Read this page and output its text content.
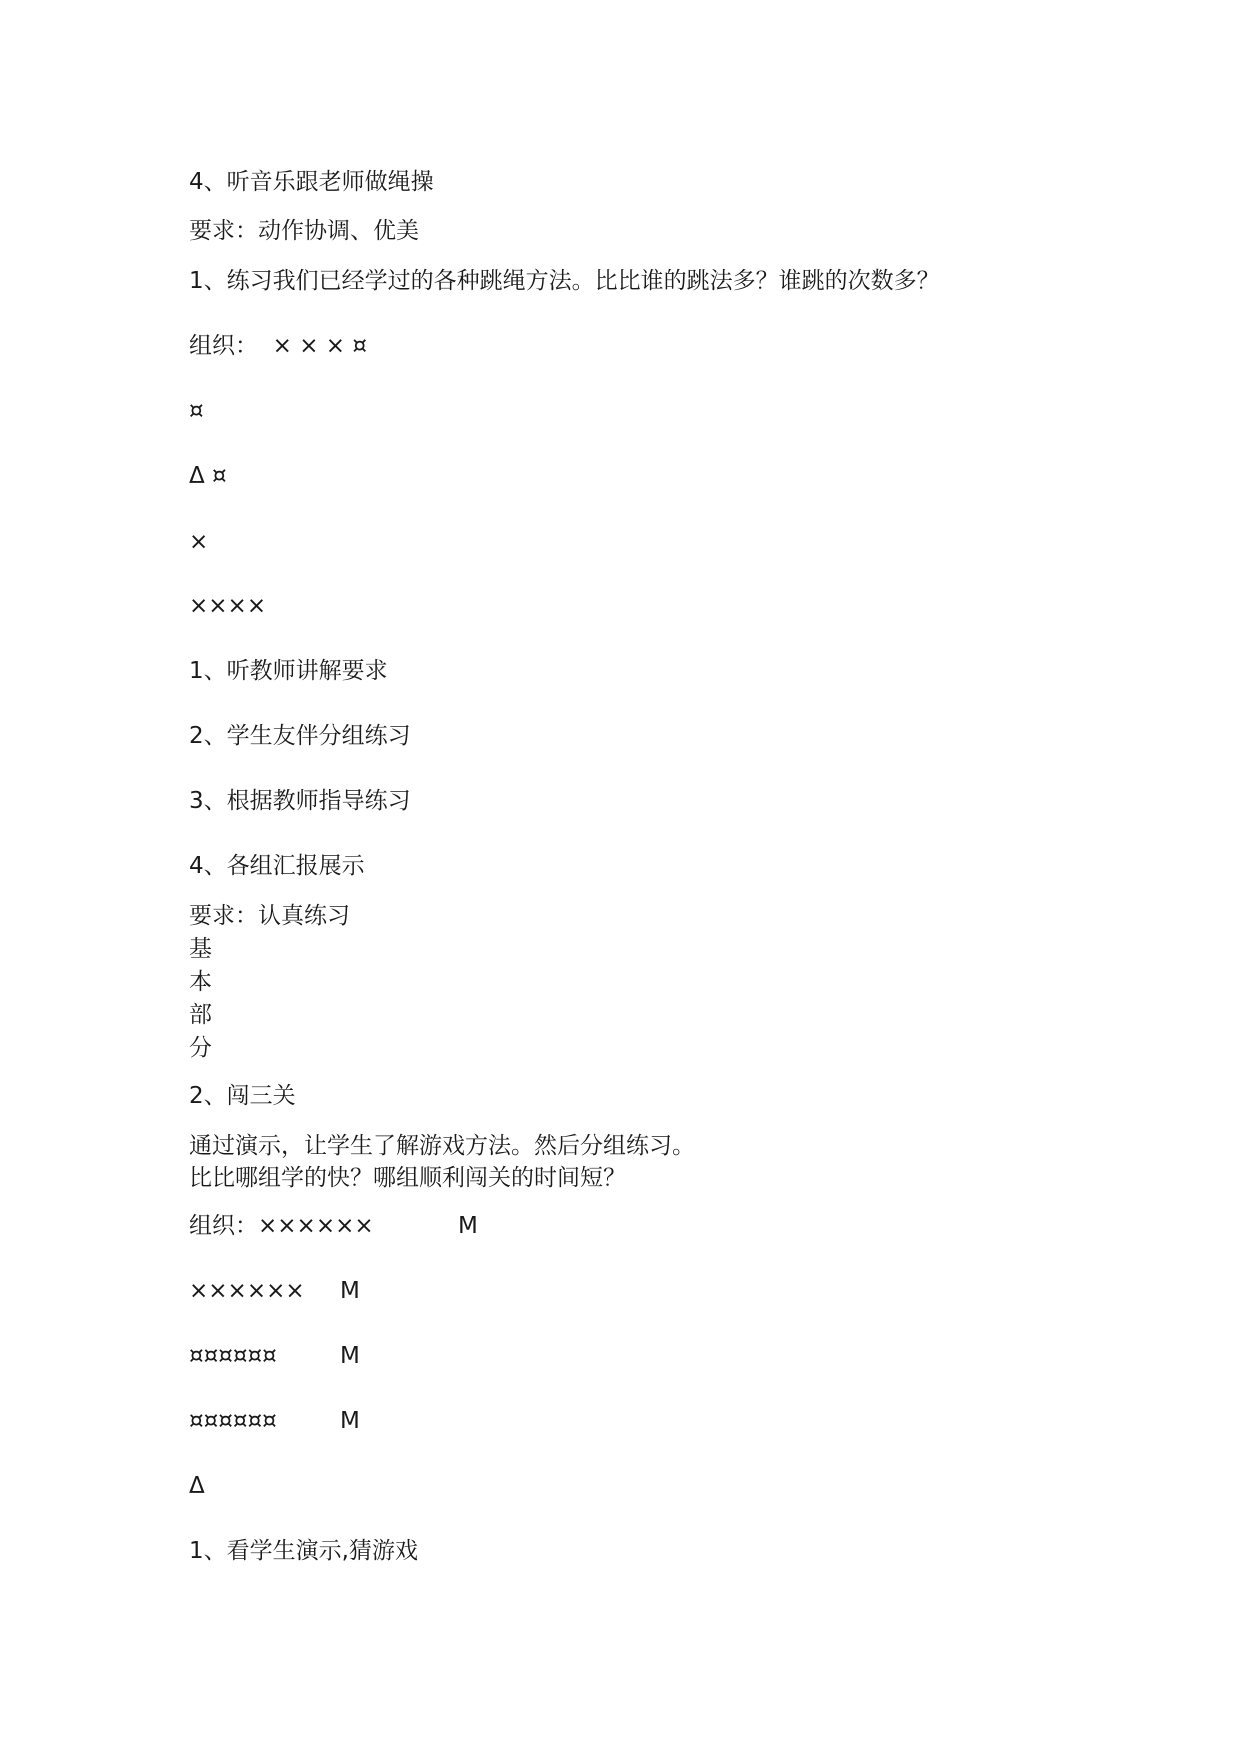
4、听音乐跟老师做绳操
要求：动作协调、优美
1、练习我们已经学过的各种跳绳方法。比比谁的跳法多？谁跳的次数多？
组织：  × × × ¤
¤
Δ ¤
×
××××
1、听教师讲解要求
2、学生友伴分组练习
3、根据教师指导练习
4、各组汇报展示
要求：认真练习
基
本
部
分
2、闯三关
通过演示，让学生了解游戏方法。然后分组练习。
比比哪组学的快？哪组顺利闯关的时间短？
组织：××××××	M
×××××× M
¤¤¤¤¤¤	M
¤¤¤¤¤¤	M
Δ
1、看学生演示,猜游戏
